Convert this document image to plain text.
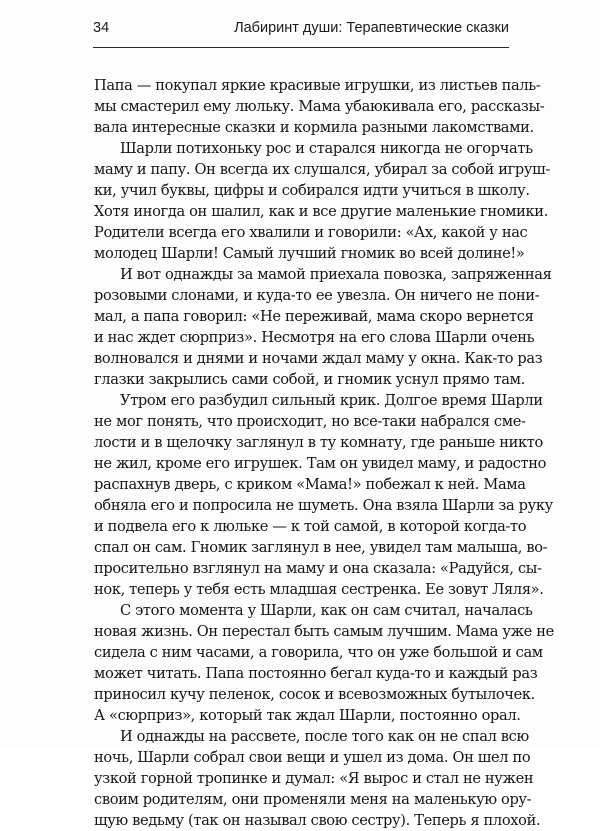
34	Лабиринт души: Терапевтические сказки
Папа — покупал яркие красивые игрушки, из листьев паль-
мы смастерил ему люльку. Мама убаюкивала его, рассказы-
вала интересные сказки и кормила разными лакомствами.
Шарли потихоньку рос и старался никогда не огорчать
маму и папу. Он всегда их слушался, убирал за собой игруш-
ки, учил буквы, цифры и собирался идти учиться в школу.
Хотя иногда он шалил, как и все другие маленькие гномики.
Родители всегда его хвалили и говорили: «Ах, какой у нас
молодец Шарли! Самый лучший гномик во всей долине!»
И вот однажды за мамой приехала повозка, запряженная
розовыми слонами, и куда-то ее увезла. Он ничего не пони-
мал, а папа говорил: «Не переживай, мама скоро вернется
и нас ждет сюрприз». Несмотря на его слова Шарли очень
волновался и днями и ночами ждал маму у окна. Как-то раз
глазки закрылись сами собой, и гномик уснул прямо там.
Утром его разбудил сильный крик. Долгое время Шарли
не мог понять, что происходит, но все-таки набрался сме-
лости и в щелочку заглянул в ту комнату, где раньше никто
не жил, кроме его игрушек. Там он увидел маму, и радостно
распахнув дверь, с криком «Мама!» побежал к ней. Мама
обняла его и попросила не шуметь. Она взяла Шарли за руку
и подвела его к люльке — к той самой, в которой когда-то
спал он сам. Гномик заглянул в нее, увидел там малыша, во-
просительно взглянул на маму и она сказала: «Радуйся, сы-
нок, теперь у тебя есть младшая сестренка. Ее зовут Ляля».
С этого момента у Шарли, как он сам считал, началась
новая жизнь. Он перестал быть самым лучшим. Мама уже не
сидела с ним часами, а говорила, что он уже большой и сам
может читать. Папа постоянно бегал куда-то и каждый раз
приносил кучу пеленок, сосок и всевозможных бутылочек.
А «сюрприз», который так ждал Шарли, постоянно орал.
И однажды на рассвете, после того как он не спал всю
ночь, Шарли собрал свои вещи и ушел из дома. Он шел по
узкой горной тропинке и думал: «Я вырос и стал не нужен
своим родителям, они променяли меня на маленькую ору-
щую ведьму (так он называл свою сестру). Теперь я плохой.
